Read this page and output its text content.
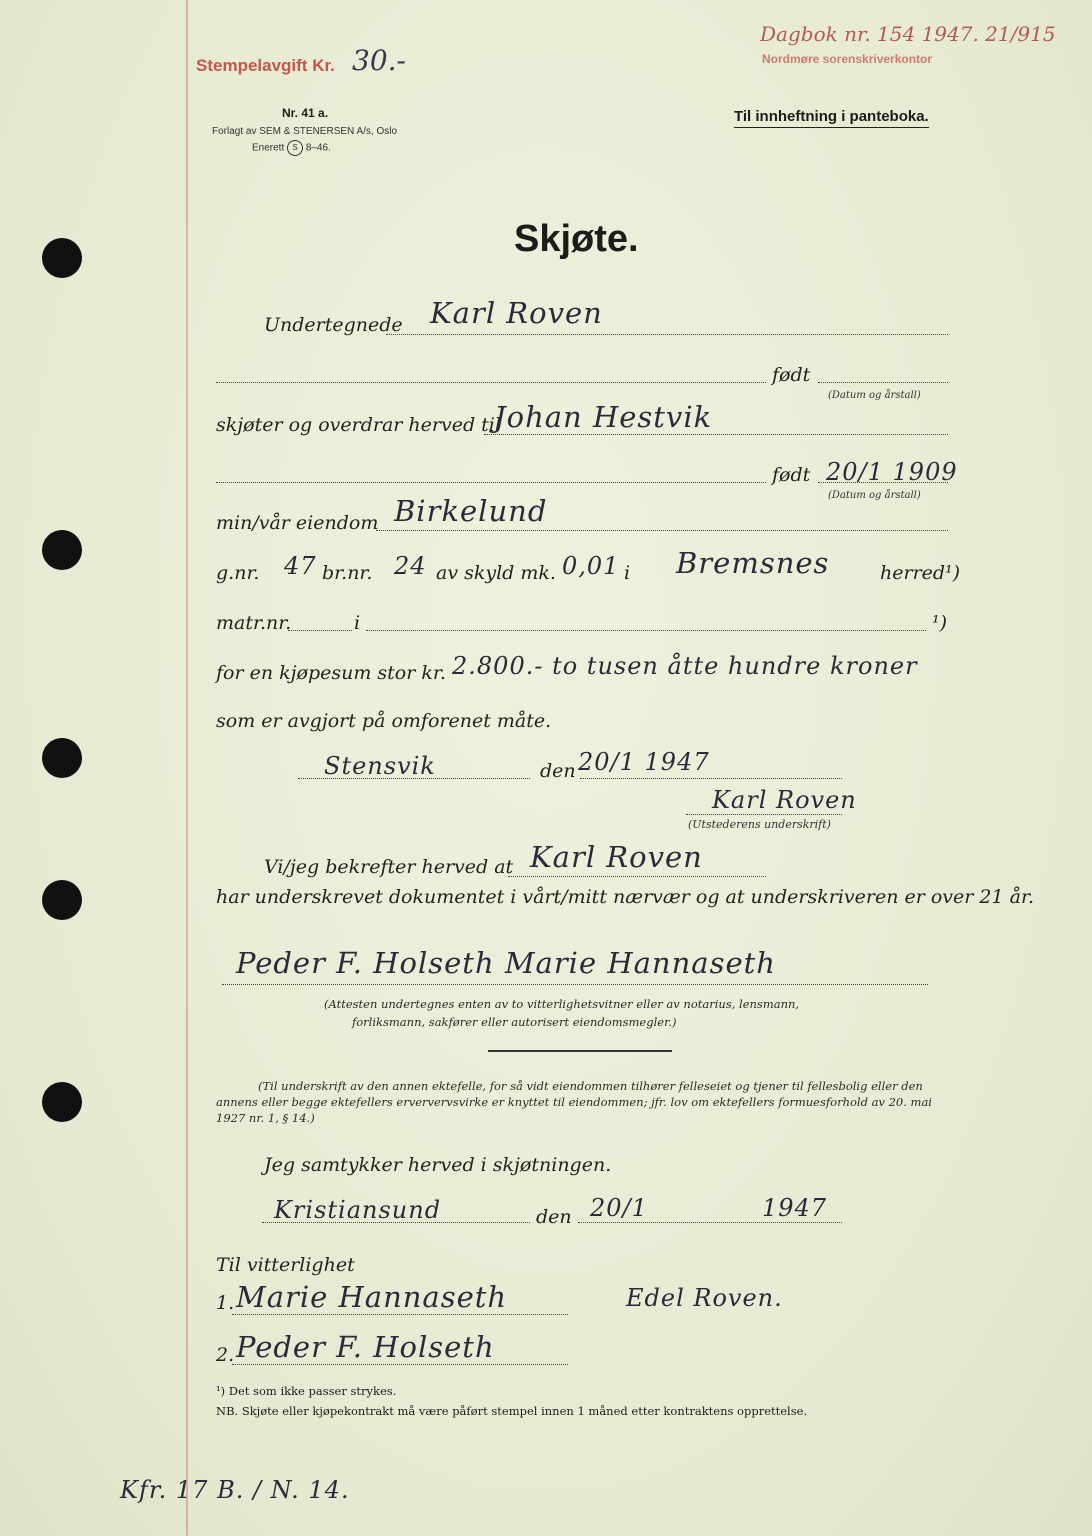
Stempelavgift Kr. 30.-
Dagbok nr. 154 1947. 21/915
Nordmøre sorenskriverkontor
Nr. 41 a.
Forlagt av SEM & STENERSEN A/s, Oslo
Enerett S 8–46.
Til innheftning i panteboka.
Skjøte.
Undertegnede Karl Roven
født
(Datum og årstall)
skjøter og overdrar herved til
Johan Hestvik
født 20/1 1909
(Datum og årstall)
min/vår eiendom Birkelund
g.nr. 47 br.nr. 24 av skyld mk. 0,01 i Bremsnes	herred¹)
matr.nr.	i	¹)
for en kjøpesum stor kr. 2.800.- to tusen åtte hundre kroner
som er avgjort på omforenet måte.
Stensvik	den 20/1 1947
Karl Roven
(Utstederens underskrift)
Vi/jeg bekrefter herved at Karl Roven
har underskrevet dokumentet i vårt/mitt nærvær og at underskriveren er over 21 år.
Peder F. Holseth Marie Hannaseth
(Attesten undertegnes enten av to vitterlighetsvitner eller av notarius, lensmann,
forliksmann, sakfører eller autorisert eiendomsmegler.)
(Til underskrift av den annen ektefelle, for så vidt eiendommen tilhører felleseiet og tjener til fellesbolig eller den annens eller begge ektefellers erververvsvirke er knyttet til eiendommen; jfr. lov om ektefellers formuesforhold av 20. mai 1927 nr. 1, § 14.)
Jeg samtykker herved i skjøtningen.
Kristiansund	den 20/1	1947
Til vitterlighet
1. Marie Hannaseth	Edel Roven.
2. Peder F. Holseth
¹) Det som ikke passer strykes.
NB. Skjøte eller kjøpekontrakt må være påført stempel innen 1 måned etter kontraktens opprettelse.
Kfr. 17 B. / N. 14.
